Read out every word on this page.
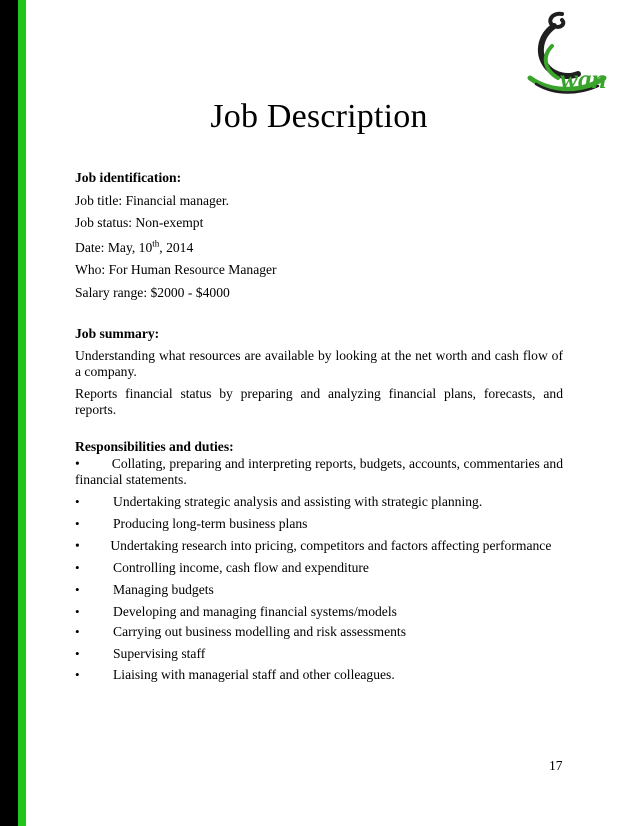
wan
Job Description
Job identification:
Job title: Financial manager.
Job status: Non-exempt
Date: May, 10th, 2014
Who: For Human Resource Manager
Salary range: $2000 - $4000
Job summary:
Understanding what resources are available by looking at the net worth and cash flow of a company.
Reports financial status by preparing and analyzing financial plans, forecasts, and reports.
Responsibilities and duties:
•         Collating, preparing and interpreting reports, budgets, accounts, commentaries and financial statements.
•
Undertaking strategic analysis and assisting with strategic planning.
•
Producing long-term business plans
•         Undertaking research into pricing, competitors and factors affecting performance
•
Controlling income, cash flow and expenditure
•
Managing budgets
•
Developing and managing financial systems/models
•
Carrying out business modelling and risk assessments
•
Supervising staff
•
Liaising with managerial staff and other colleagues.
17
